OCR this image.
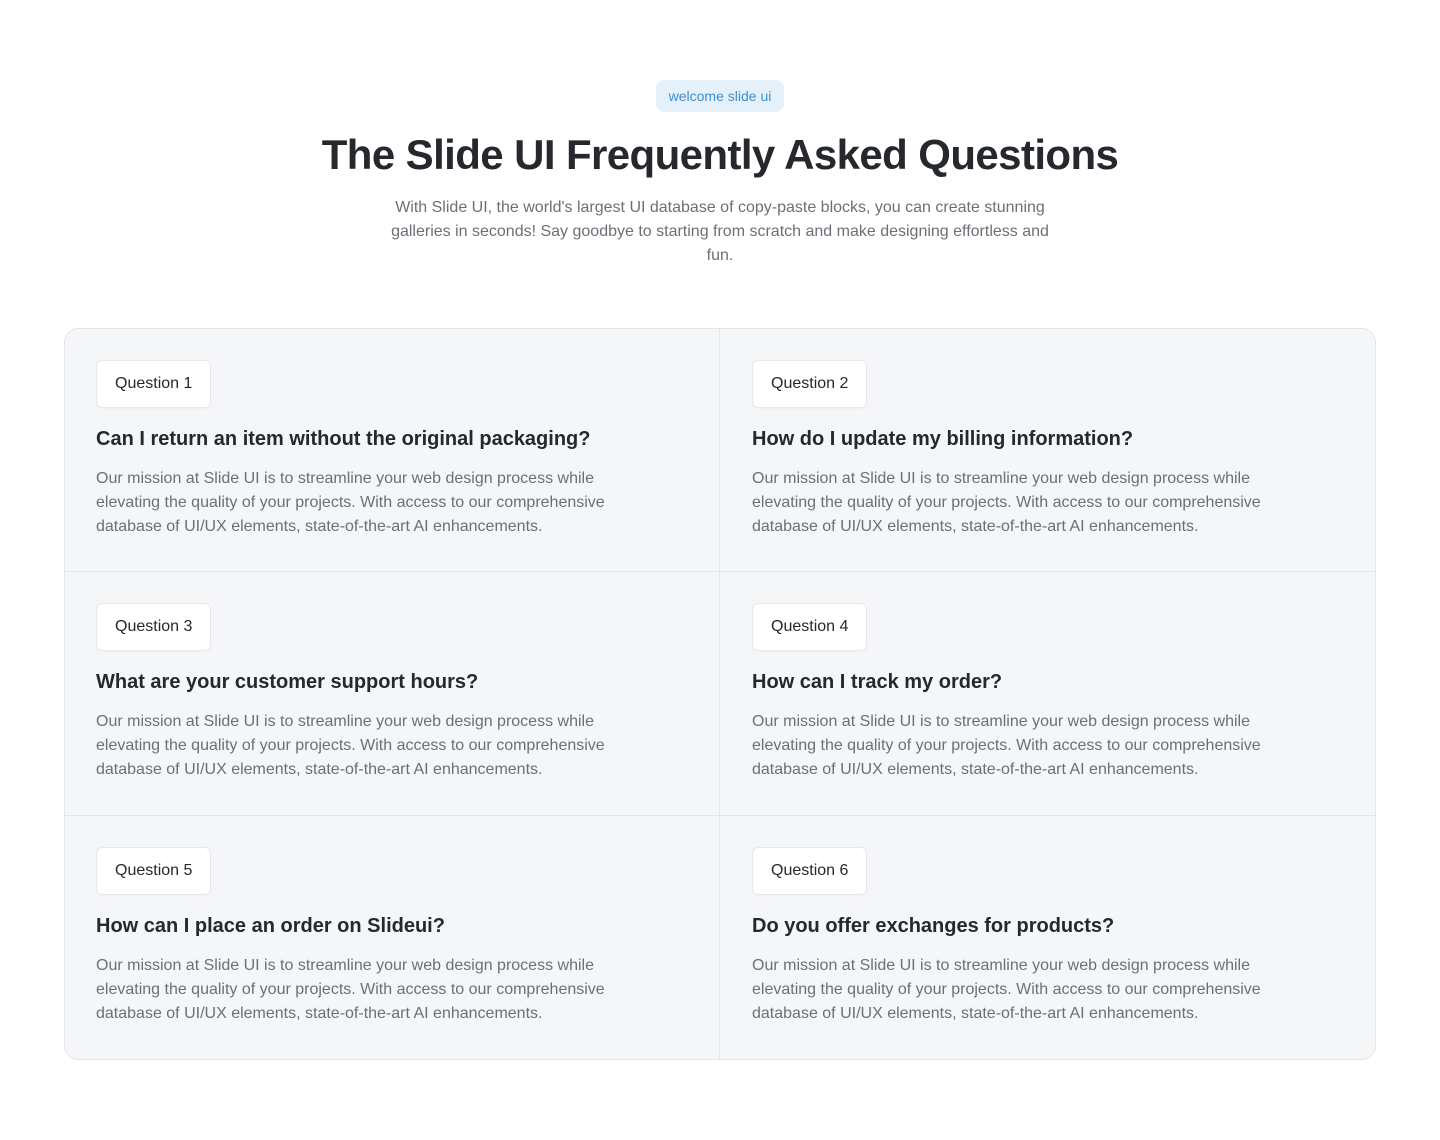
welcome slide ui
The Slide UI Frequently Asked Questions

With Slide UI, the world's largest UI database of copy-paste blocks, you can create stunning galleries in seconds! Say goodbye to starting from scratch and make designing effortless and fun.

Question 1
Can I return an item without the original packaging?

Our mission at Slide UI is to streamline your web design process while elevating the quality of your projects. With access to our comprehensive database of UI/UX elements, state-of-the-art AI enhancements.

Question 2
How do I update my billing information?

Our mission at Slide UI is to streamline your web design process while elevating the quality of your projects. With access to our comprehensive database of UI/UX elements, state-of-the-art AI enhancements.

Question 3
What are your customer support hours?

Our mission at Slide UI is to streamline your web design process while elevating the quality of your projects. With access to our comprehensive database of UI/UX elements, state-of-the-art AI enhancements.

Question 4
How can I track my order?

Our mission at Slide UI is to streamline your web design process while elevating the quality of your projects. With access to our comprehensive database of UI/UX elements, state-of-the-art AI enhancements.

Question 5
How can I place an order on Slideui?

Our mission at Slide UI is to streamline your web design process while elevating the quality of your projects. With access to our comprehensive database of UI/UX elements, state-of-the-art AI enhancements.

Question 6
Do you offer exchanges for products?

Our mission at Slide UI is to streamline your web design process while elevating the quality of your projects. With access to our comprehensive database of UI/UX elements, state-of-the-art AI enhancements.
